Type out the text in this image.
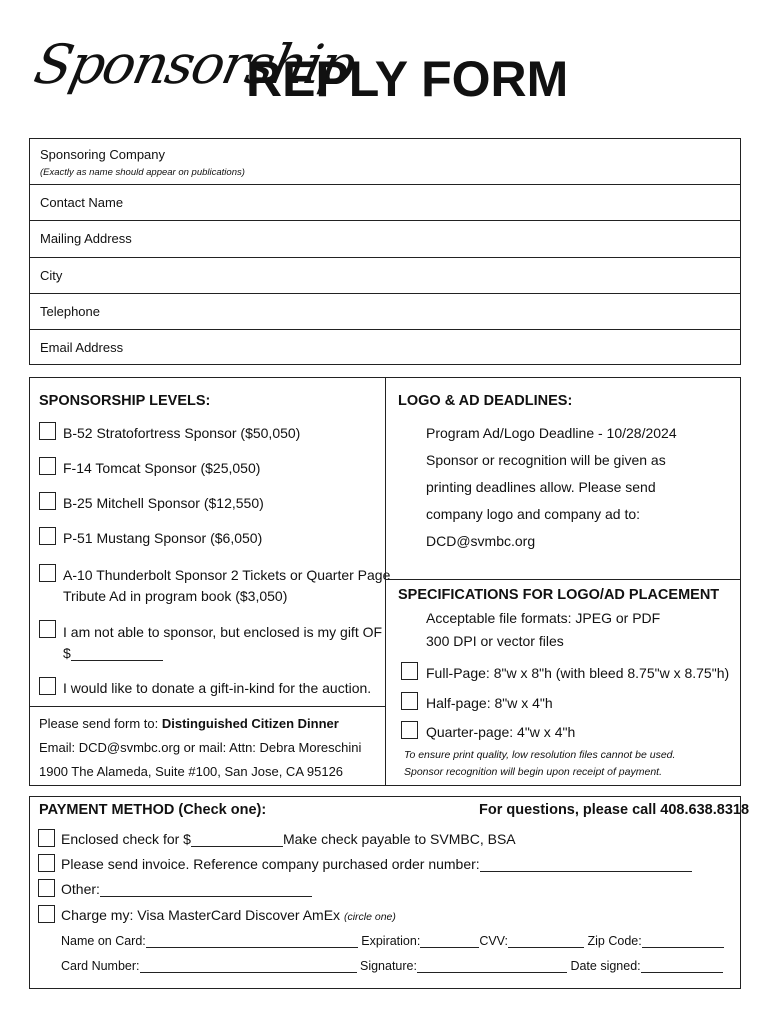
Sponsorship
REPLY FORM
Sponsoring Company
(Exactly as name should appear on publications)
Contact Name
Mailing Address
City
Telephone
Email Address
SPONSORSHIP LEVELS:
B-52 Stratofortress Sponsor ($50,050)
F-14 Tomcat Sponsor ($25,050)
B-25 Mitchell Sponsor ($12,550)
P-51 Mustang Sponsor ($6,050)
A-10 Thunderbolt Sponsor 2 Tickets or Quarter Page
Tribute Ad in program book ($3,050)
I am not able to sponsor, but enclosed is my gift OF
$
I would like to donate a gift-in-kind for the auction.
Please send form to: Distinguished Citizen Dinner
Email: DCD@svmbc.org or mail: Attn: Debra Moreschini
1900 The Alameda, Suite #100, San Jose, CA 95126
LOGO & AD DEADLINES:
Program Ad/Logo Deadline - 10/28/2024
Sponsor or recognition will be given as
printing deadlines allow. Please send
company logo and company ad to:
DCD@svmbc.org
SPECIFICATIONS FOR LOGO/AD PLACEMENT
Acceptable file formats: JPEG or PDF
300 DPI or vector files
Full-Page: 8"w x 8"h (with bleed 8.75"w x 8.75"h)
Half-page: 8"w x 4"h
Quarter-page: 4"w x 4"h
To ensure print quality, low resolution files cannot be used.
Sponsor recognition will begin upon receipt of payment.
PAYMENT METHOD (Check one):	For questions, please call 408.638.8318
Enclosed check for $	Make check payable to SVMBC, BSA
Please send invoice. Reference company purchased order number:
Other:
Charge my: Visa MasterCard Discover AmEx (circle one)
Name on Card:	Expiration:	CVV:	Zip Code:
Card Number:	Signature:	Date signed:
